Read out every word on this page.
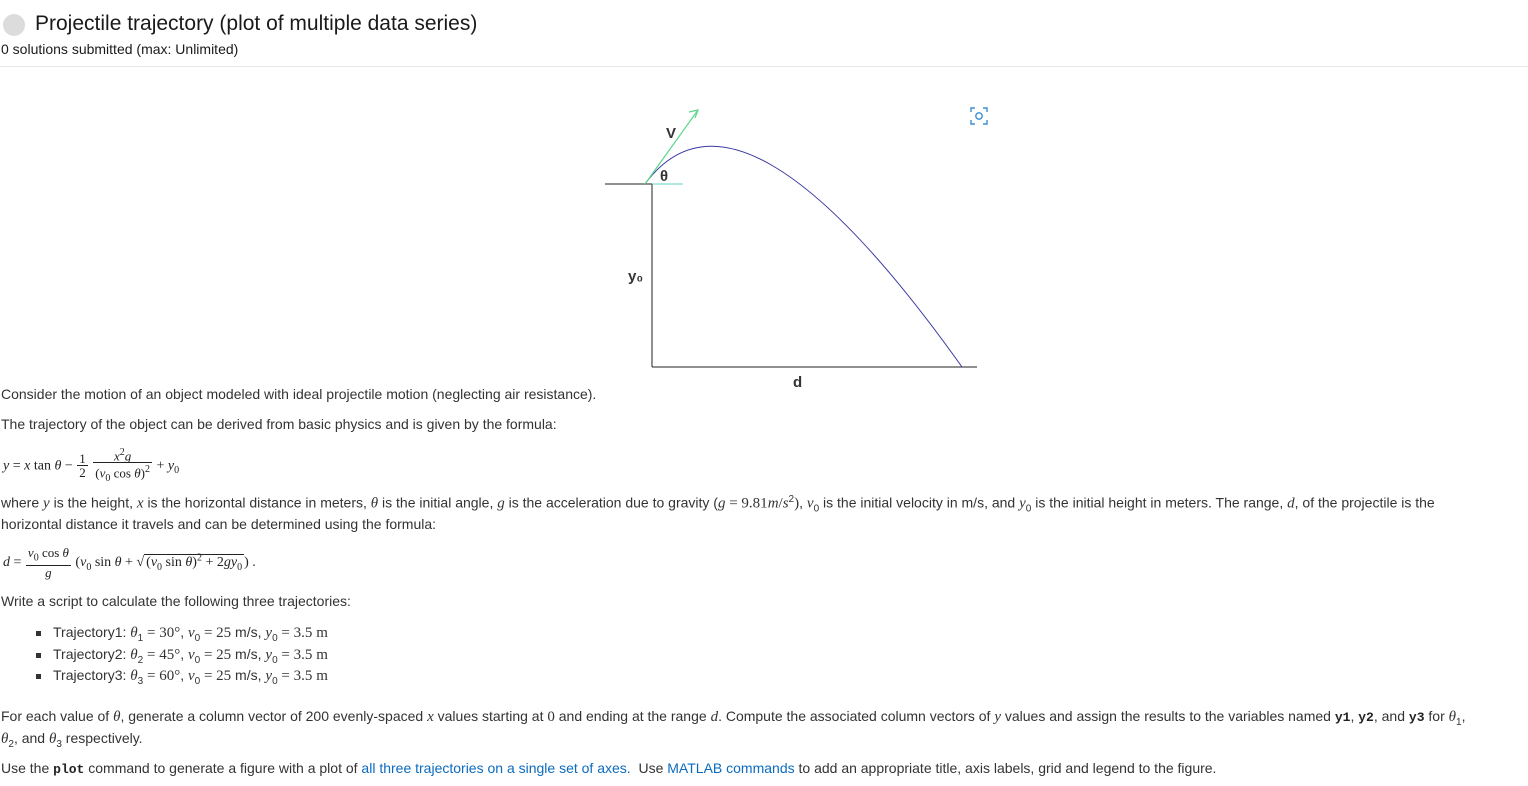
Projectile trajectory (plot of multiple data series)
0 solutions submitted (max: Unlimited)
V
θ
y₀
d
Consider the motion of an object modeled with ideal projectile motion (neglecting air resistance).
The trajectory of the object can be derived from basic physics and is given by the formula:
y = x $\tan \theta - \frac{1}{2}$
$\frac{x^2g}{(v_0 \cos \theta)^2} + y_0$
where y is the height, x is the horizontal distance in meters, θ is the initial angle, g is the acceleration due to gravity $(g = 9.81m/s^2)$, $v_0$ is the initial velocity in m/s, and $y_0$ is the initial height in meters. The range, d, of the projectile is the
horizontal distance it travels and can be determined using the formula:
$d = \frac{v_0 \cos \theta}{g} (v_0$ sin θ + √ ($v_0$ $\sin \theta)^2 + 2gy_0$ ) .
Write a script to calculate the following three trajectories:
Trajectory1: $\theta_1 = 30^\circ$, $v_0 = 25$ m/s, $y_0 = 3.5$ m
Trajectory2: $\theta_2 = 45^\circ$, $v_0 = 25$ m/s, $y_0 = 3.5$ m
Trajectory3: $\theta_3 = 60^\circ$, $v_0 = 25$ m/s, $y_0 = 3.5$ m
For each value of θ, generate a column vector of 200 evenly-spaced x values starting at 0 and ending at the range d. Compute the associated column vectors of y values and assign the results to the variables named y1, y2, and y3 for $\theta_1$,
$\theta_2$, and $\theta_3$ respectively.
Use the plot command to generate a figure with a plot of all three trajectories on a single set of axes. Use MATLAB commands to add an appropriate title, axis labels, grid and legend to the figure.
